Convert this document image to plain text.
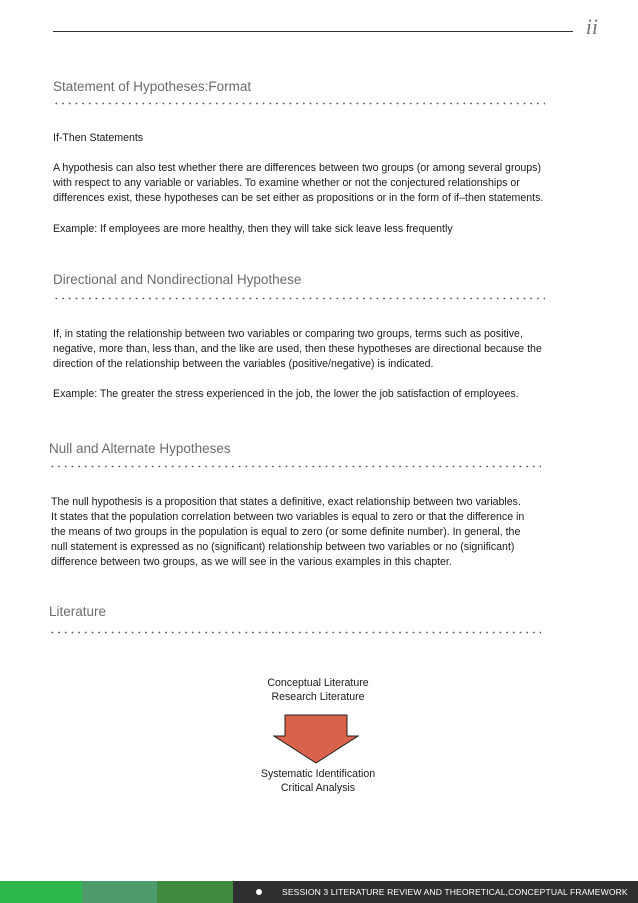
ii
Statement of Hypotheses:Format
If-Then Statements
A hypothesis can also test whether there are differences between two groups (or among several groups)
with respect to any variable or variables. To examine whether or not the conjectured relationships or
differences exist, these hypotheses can be set either as propositions or in the form of if–then statements.
Example: If employees are more healthy, then they will take sick leave less frequently
Directional and Nondirectional Hypothese
If, in stating the relationship between two variables or comparing two groups, terms such as positive,
negative, more than, less than, and the like are used, then these hypotheses are directional because the
direction of the relationship between the variables (positive/negative) is indicated.
Example: The greater the stress experienced in the job, the lower the job satisfaction of employees.
Null and Alternate Hypotheses
The null hypothesis is a proposition that states a definitive, exact relationship between two variables.
It states that the population correlation between two variables is equal to zero or that the difference in
the means of two groups in the population is equal to zero (or some definite number). In general, the
null statement is expressed as no (significant) relationship between two variables or no (significant)
difference between two groups, as we will see in the various examples in this chapter.
Literature
Conceptual Literature
Research Literature
Systematic Identification
Critical Analysis
SESSION 3 LITERATURE REVIEW AND THEORETICAL,CONCEPTUAL FRAMEWORK
